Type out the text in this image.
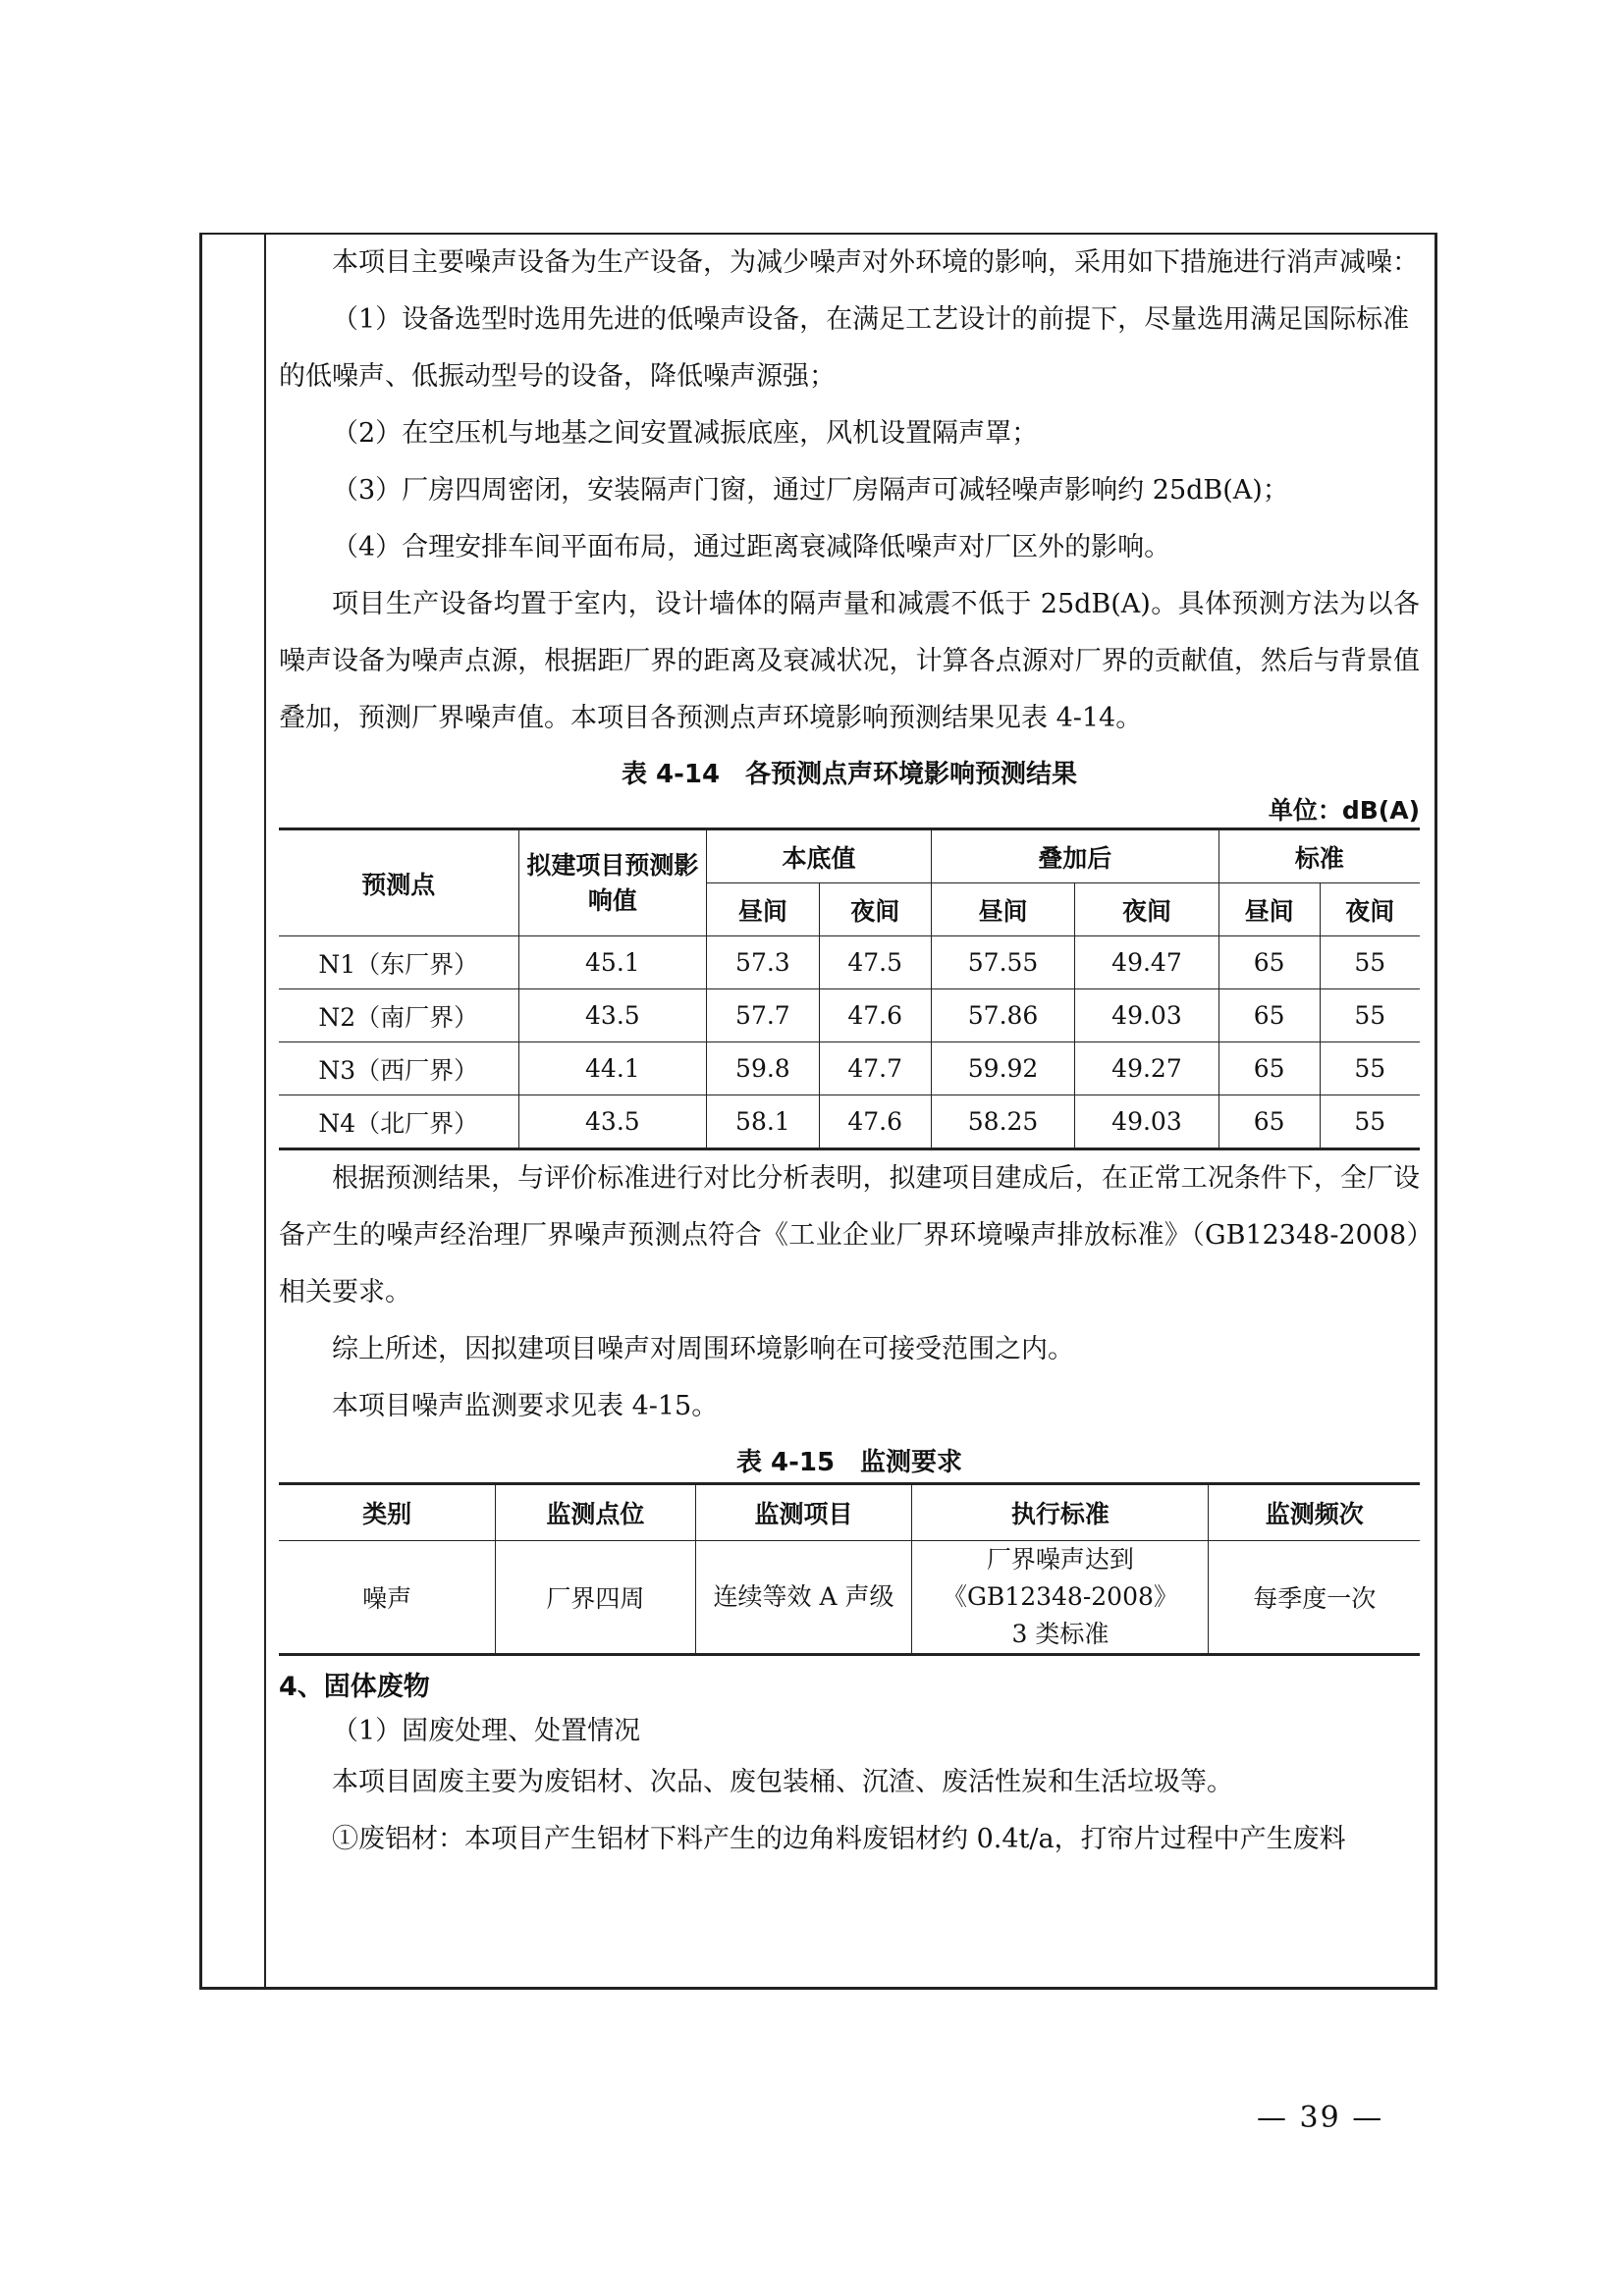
本项目主要噪声设备为生产设备，为减少噪声对外环境的影响，采用如下措施进行消声减噪：

（1）设备选型时选用先进的低噪声设备，在满足工艺设计的前提下，尽量选用满足国际标准的低噪声、低振动型号的设备，降低噪声源强；

（2）在空压机与地基之间安置减振底座，风机设置隔声罩；

（3）厂房四周密闭，安装隔声门窗，通过厂房隔声可减轻噪声影响约 25dB(A)；

（4）合理安排车间平面布局，通过距离衰减降低噪声对厂区外的影响。

项目生产设备均置于室内，设计墙体的隔声量和减震不低于 25dB(A)。具体预测方法为以各噪声设备为噪声点源，根据距厂界的距离及衰减状况，计算各点源对厂界的贡献值，然后与背景值叠加，预测厂界噪声值。本项目各预测点声环境影响预测结果见表 4-14。

表 4-14　各预测点声环境影响预测结果
单位：dB(A)
预测点	拟建项目预测影响值	本底值		叠加后		标准	
		昼间	夜间	昼间	夜间	昼间	夜间
N1（东厂界）	45.1	57.3	47.5	57.55	49.47	65	55
N2（南厂界）	43.5	57.7	47.6	57.86	49.03	65	55
N3（西厂界）	44.1	59.8	47.7	59.92	49.27	65	55
N4（北厂界）	43.5	58.1	47.6	58.25	49.03	65	55

根据预测结果，与评价标准进行对比分析表明，拟建项目建成后，在正常工况条件下，全厂设备产生的噪声经治理厂界噪声预测点符合《工业企业厂界环境噪声排放标准》（GB12348-2008）相关要求。

综上所述，因拟建项目噪声对周围环境影响在可接受范围之内。

本项目噪声监测要求见表 4-15。

表 4-15　监测要求
类别	监测点位	监测项目	执行标准	监测频次
噪声	厂界四周	连续等效 A 声级	厂界噪声达到《GB12348-2008》3 类标准	每季度一次
4、固体废物

（1）固废处理、处置情况

本项目固废主要为废铝材、次品、废包装桶、沉渣、废活性炭和生活垃圾等。

①废铝材：本项目产生铝材下料产生的边角料废铝材约 0.4t/a，打帘片过程中产生废料

— 39 —
